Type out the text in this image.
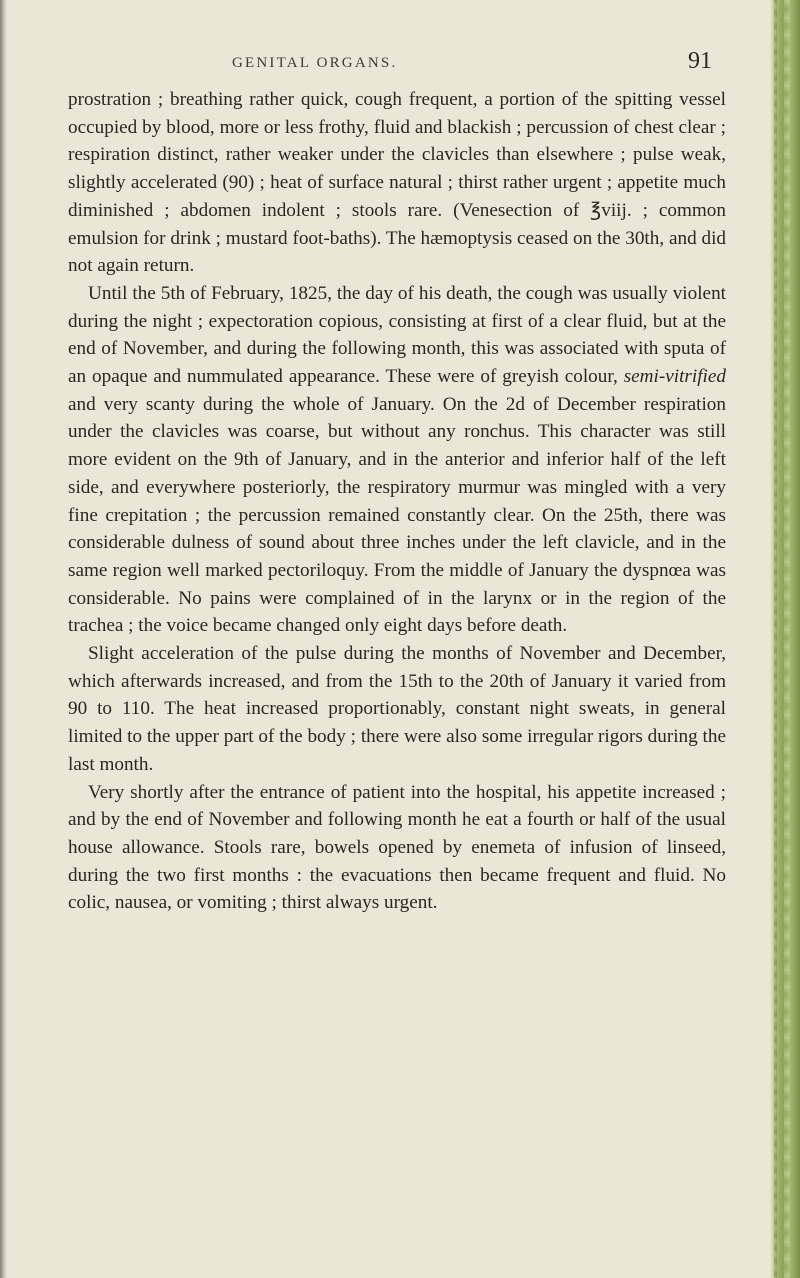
GENITAL ORGANS.	91

prostration ; breathing rather quick, cough frequent, a portion of the spitting vessel occupied by blood, more or less frothy, fluid and blackish ; percussion of chest clear ; respiration distinct, rather weaker under the clavicles than elsewhere ; pulse weak, slightly accelerated (90) ; heat of surface natural ; thirst rather urgent ; appetite much diminished ; abdomen indolent ; stools rare. (Venesection of ℥viij. ; common emulsion for drink ; mustard foot-baths). The hæmoptysis ceased on the 30th, and did not again return.

Until the 5th of February, 1825, the day of his death, the cough was usually violent during the night ; expectoration copious, consisting at first of a clear fluid, but at the end of November, and during the following month, this was associated with sputa of an opaque and nummulated appearance. These were of greyish colour, semi-vitrified and very scanty during the whole of January. On the 2d of December respiration under the clavicles was coarse, but without any ronchus. This character was still more evident on the 9th of January, and in the anterior and inferior half of the left side, and everywhere posteriorly, the respiratory murmur was mingled with a very fine crepitation ; the percussion remained constantly clear. On the 25th, there was considerable dulness of sound about three inches under the left clavicle, and in the same region well marked pectoriloquy. From the middle of January the dyspnœa was considerable. No pains were complained of in the larynx or in the region of the trachea ; the voice became changed only eight days before death.

Slight acceleration of the pulse during the months of November and December, which afterwards increased, and from the 15th to the 20th of January it varied from 90 to 110. The heat increased proportionably, constant night sweats, in general limited to the upper part of the body ; there were also some irregular rigors during the last month.

Very shortly after the entrance of patient into the hospital, his appetite increased ; and by the end of November and following month he eat a fourth or half of the usual house allowance. Stools rare, bowels opened by enemeta of infusion of linseed, during the two first months : the evacuations then became frequent and fluid. No colic, nausea, or vomiting ; thirst always urgent.
